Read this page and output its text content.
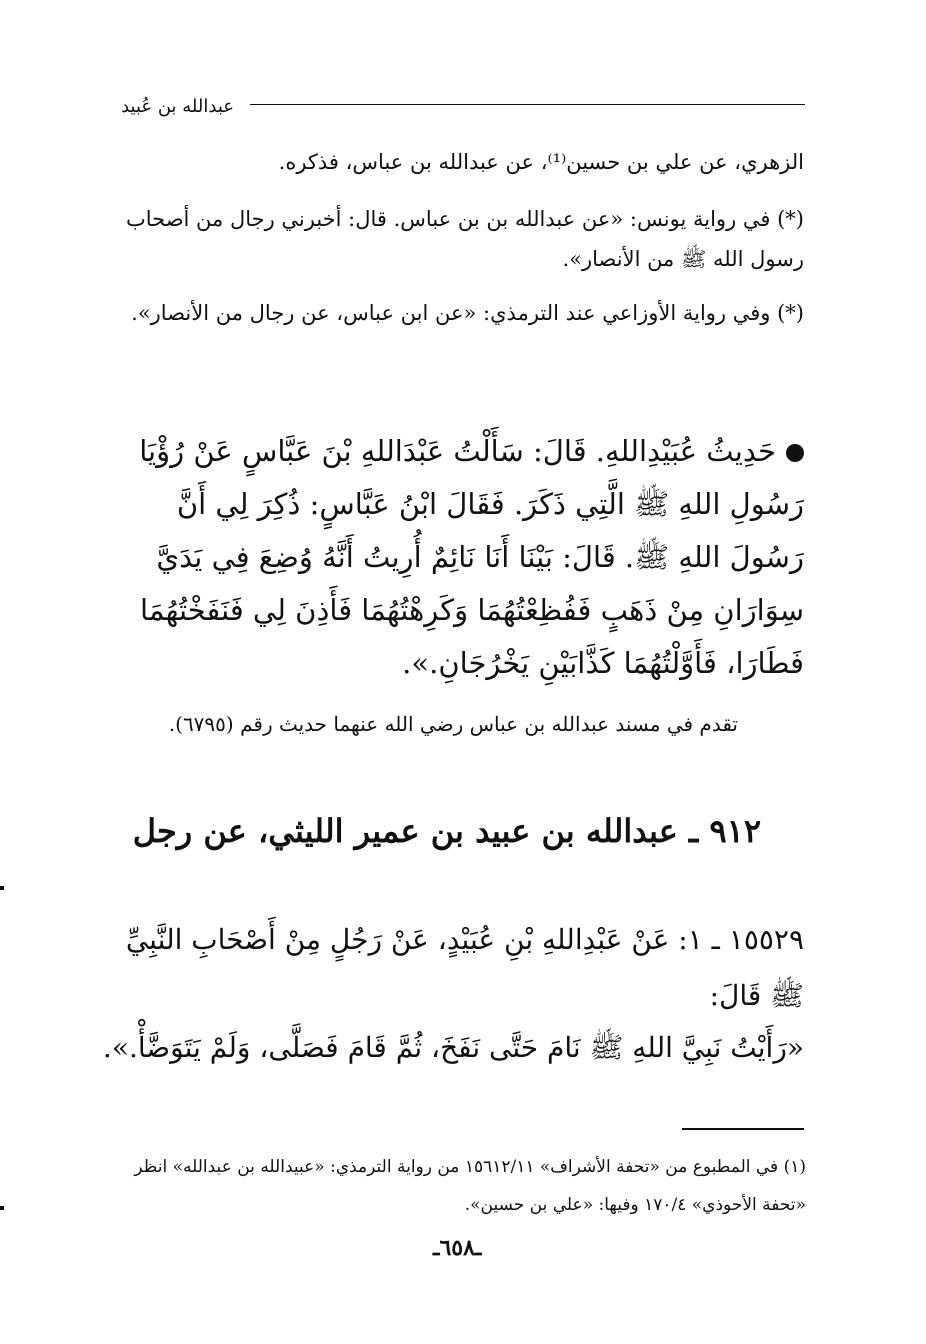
عبدالله بن عُبيد
الزهري، عن علي بن حسين⁽¹⁾، عن عبدالله بن عباس، فذكره.
(*) في رواية يونس: «عن عبدالله بن بن عباس. قال: أخبرني رجال من أصحاب رسول الله ﷺ من الأنصار».
(*) وفي رواية الأوزاعي عند الترمذي: «عن ابن عباس، عن رجال من الأنصار».
حَدِيثُ عُبَيْدِاللهِ. قَالَ: سَأَلْتُ عَبْدَاللهِ بْنَ عَبَّاسٍ عَنْ رُؤْيَا رَسُولِ اللهِ ﷺ الَّتِي ذَكَرَ. فَقَالَ ابْنُ عَبَّاسٍ: ذُكِرَ لِي أَنَّ رَسُولَ اللهِ ﷺ. قَالَ: بَيْنَا أَنَا نَائِمٌ أُرِيتُ أَنَّهُ وُضِعَ فِي يَدَيَّ سِوَارَانِ مِنْ ذَهَبٍ فَفُظِعْتُهُمَا وَكَرِهْتُهُمَا فَأَذِنَ لِي فَنَفَخْتُهُمَا فَطَارَا، فَأَوَّلْتُهُمَا كَذَّابَيْنِ يَخْرُجَانِ.».
تقدم في مسند عبدالله بن عباس رضي الله عنهما حديث رقم (٦٧٩٥).
٩١٢ ـ عبدالله بن عبيد بن عمير الليثي، عن رجل
١٥٥٢٩ ـ ١: عَنْ عَبْدِاللهِ بْنِ عُبَيْدٍ، عَنْ رَجُلٍ مِنْ أَصْحَابِ النَّبِيِّ ﷺ قَالَ:
«رَأَيْتُ نَبِيَّ اللهِ ﷺ نَامَ حَتَّى نَفَخَ، ثُمَّ قَامَ فَصَلَّى، وَلَمْ يَتَوَضَّأْ.».
(١) في المطبوع من «تحفة الأشراف» ١٥٦١٢/١١ من رواية الترمذي: «عبيدالله بن عبدالله» انظر «تحفة الأحوذي» ١٧٠/٤ وفيها: «علي بن حسين».
ـ٦٥٨ـ
